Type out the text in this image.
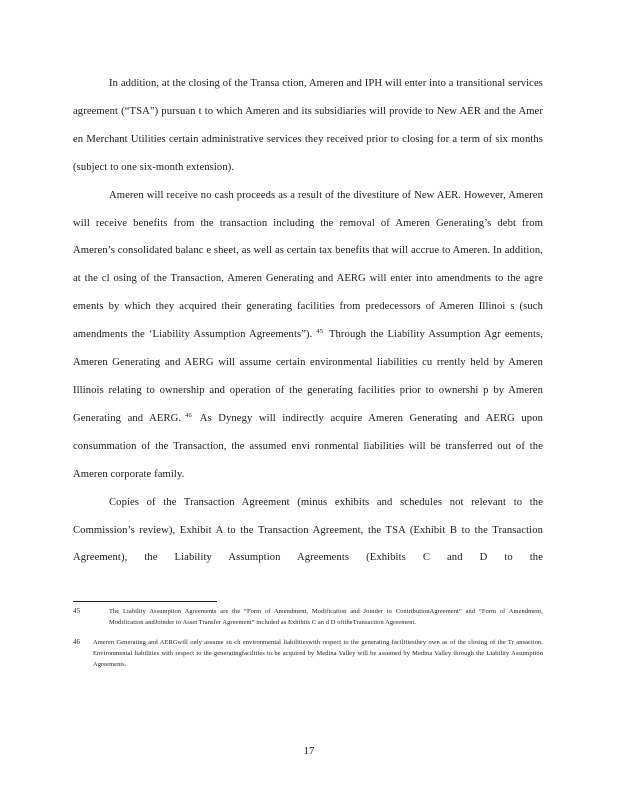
In addition, at the closing of the Transa ction, Ameren and IPH will enter into a transitional services agreement (“TSA”) pursuan t to which Ameren and its subsidiaries will provide to New AER and the Amer en Merchant Utilities certain administrative services they received prior to closing for a term of six months (subject to one six-month extension).

Ameren will receive no cash proceeds as a result of the divestiture of New AER. However, Ameren will receive benefits from the transaction including the removal of Ameren Generating’s debt from Ameren’s consolidated balanc e sheet, as well as certain tax benefits that will accrue to Ameren. In addition, at the cl osing of the Transaction, Ameren Generating and AERG will enter into amendments to the agre ements by which they acquired their generating facilities from predecessors of Ameren Illinoi s (such amendments the ‘Liability Assumption Agreements”). $^{45}$ Through the Liability Assumption Agr eements, Ameren Generating and AERG will assume certain environmental liabilities cu rrently held by Ameren Illinois relating to ownership and operation of the generating facilities prior to ownershi p by Ameren Generating and AERG. $^{46}$ As Dynegy will indirectly acquire Ameren Generating and AERG upon consummation of the Transaction, the assumed envi ronmental liabilities will be transferred out of the Ameren corporate family.

Copies of the Transaction Agreement (minus exhibits and schedules not relevant to the Commission’s review), Exhibit A to the Transaction Agreement, the TSA (Exhibit B to the Transaction Agreement), the Liability Assumption Agreements (Exhibits C and D to the

45	The Liability Assumption Agreements are the “Form of Amendment, Modification and Joinder to ContributionAgreement” and “Form of Amendment, Modification andJoinder to Asset Transfer Agreement” included as Exhibits C an d D ofitheTransaction Agreement.
46	Ameren Generating and AERGwill only assume su ch environmental liabilitieswith respect to the generating facilitiesthey own as of the closing of the Tr ansaction. Environmental liabilities with respect to the generatingfacilities to be acquired by Medina Valley will be assumed by Medina Valley through the Liability Assumption Agreements.
17
